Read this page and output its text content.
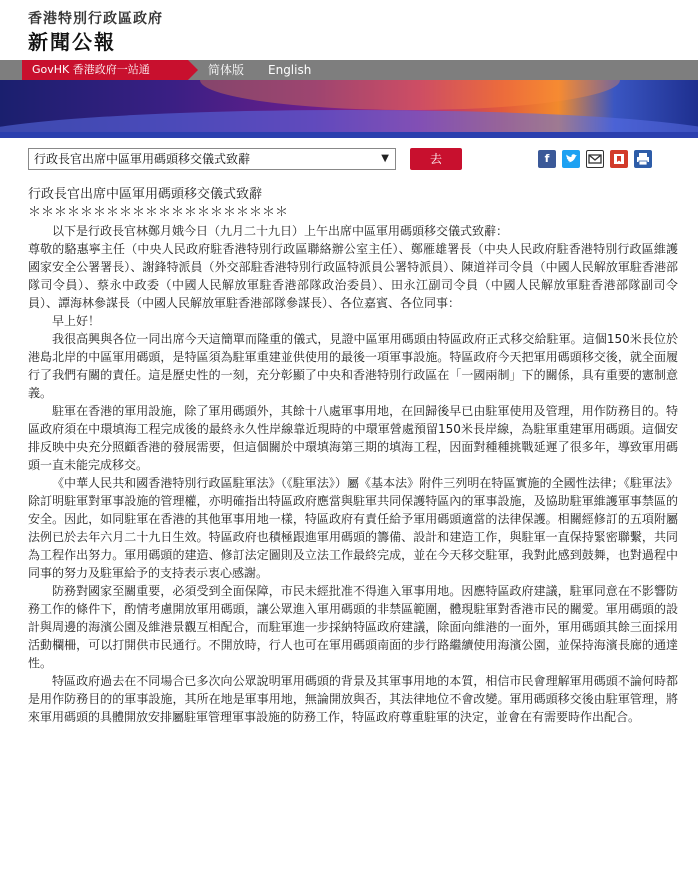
香港特別行政區政府
新聞公報
GovHK 香港政府一站通	简体版 English
行政長官出席中區軍用碼頭移交儀式致辭	▼	去	f

行政長官出席中區軍用碼頭移交儀式致辭

＊＊＊＊＊＊＊＊＊＊＊＊＊＊＊＊＊＊＊＊

以下是行政長官林鄭月娥今日（九月二十九日）上午出席中區軍用碼頭移交儀式致辭：

尊敬的駱惠寧主任（中央人民政府駐香港特別行政區聯絡辦公室主任）、鄭雁雄署長（中央人民政府駐香港特別行政區維護國家安全公署署長）、謝鋒特派員（外交部駐香港特別行政區特派員公署特派員）、陳道祥司令員（中國人民解放軍駐香港部隊司令員）、蔡永中政委（中國人民解放軍駐香港部隊政治委員）、田永江副司令員（中國人民解放軍駐香港部隊副司令員）、譚海林參謀長（中國人民解放軍駐香港部隊參謀長）、各位嘉賓、各位同事：

早上好！

我很高興與各位一同出席今天這簡單而隆重的儀式，見證中區軍用碼頭由特區政府正式移交給駐軍。這個150米長位於港島北岸的中區軍用碼頭，是特區須為駐軍重建並供使用的最後一項軍事設施。特區政府今天把軍用碼頭移交後，就全面履行了我們有關的責任。這是歷史性的一刻，充分彰顯了中央和香港特別行政區在「一國兩制」下的關係，具有重要的憲制意義。

駐軍在香港的軍用設施，除了軍用碼頭外，其餘十八處軍事用地，在回歸後早已由駐軍使用及管理，用作防務目的。特區政府須在中環填海工程完成後的最終永久性岸線靠近現時的中環軍營處預留150米長岸線，為駐軍重建軍用碼頭。這個安排反映中央充分照顧香港的發展需要，但這個關於中環填海第三期的填海工程，因面對種種挑戰延遲了很多年，導致軍用碼頭一直未能完成移交。

《中華人民共和國香港特別行政區駐軍法》（《駐軍法》）屬《基本法》附件三列明在特區實施的全國性法律；《駐軍法》除訂明駐軍對軍事設施的管理權，亦明確指出特區政府應當與駐軍共同保護特區內的軍事設施，及協助駐軍維護軍事禁區的安全。因此，如同駐軍在香港的其他軍事用地一樣，特區政府有責任給予軍用碼頭適當的法律保護。相關經修訂的五項附屬法例已於去年六月二十九日生效。特區政府也積極跟進軍用碼頭的籌備、設計和建造工作，與駐軍一直保持緊密聯繫，共同為工程作出努力。軍用碼頭的建造、修訂法定圖則及立法工作最終完成，並在今天移交駐軍，我對此感到鼓舞，也對過程中同事的努力及駐軍給予的支持表示衷心感謝。

防務對國家至關重要，必須受到全面保障，市民未經批准不得進入軍事用地。因應特區政府建議，駐軍同意在不影響防務工作的條件下，酌情考慮開放軍用碼頭，讓公眾進入軍用碼頭的非禁區範圍，體現駐軍對香港市民的關愛。軍用碼頭的設計與周邊的海濱公園及維港景觀互相配合，而駐軍進一步採納特區政府建議，除面向維港的一面外，軍用碼頭其餘三面採用活動欄柵，可以打開供市民通行。不開放時，行人也可在軍用碼頭南面的步行路繼續使用海濱公園，並保持海濱長廊的通達性。

特區政府過去在不同場合已多次向公眾說明軍用碼頭的背景及其軍事用地的本質，相信市民會理解軍用碼頭不論何時都是用作防務目的的軍事設施，其所在地是軍事用地，無論開放與否，其法律地位不會改變。軍用碼頭移交後由駐軍管理，將來軍用碼頭的具體開放安排屬駐軍管理軍事設施的防務工作，特區政府尊重駐軍的決定，並會在有需要時作出配合。
